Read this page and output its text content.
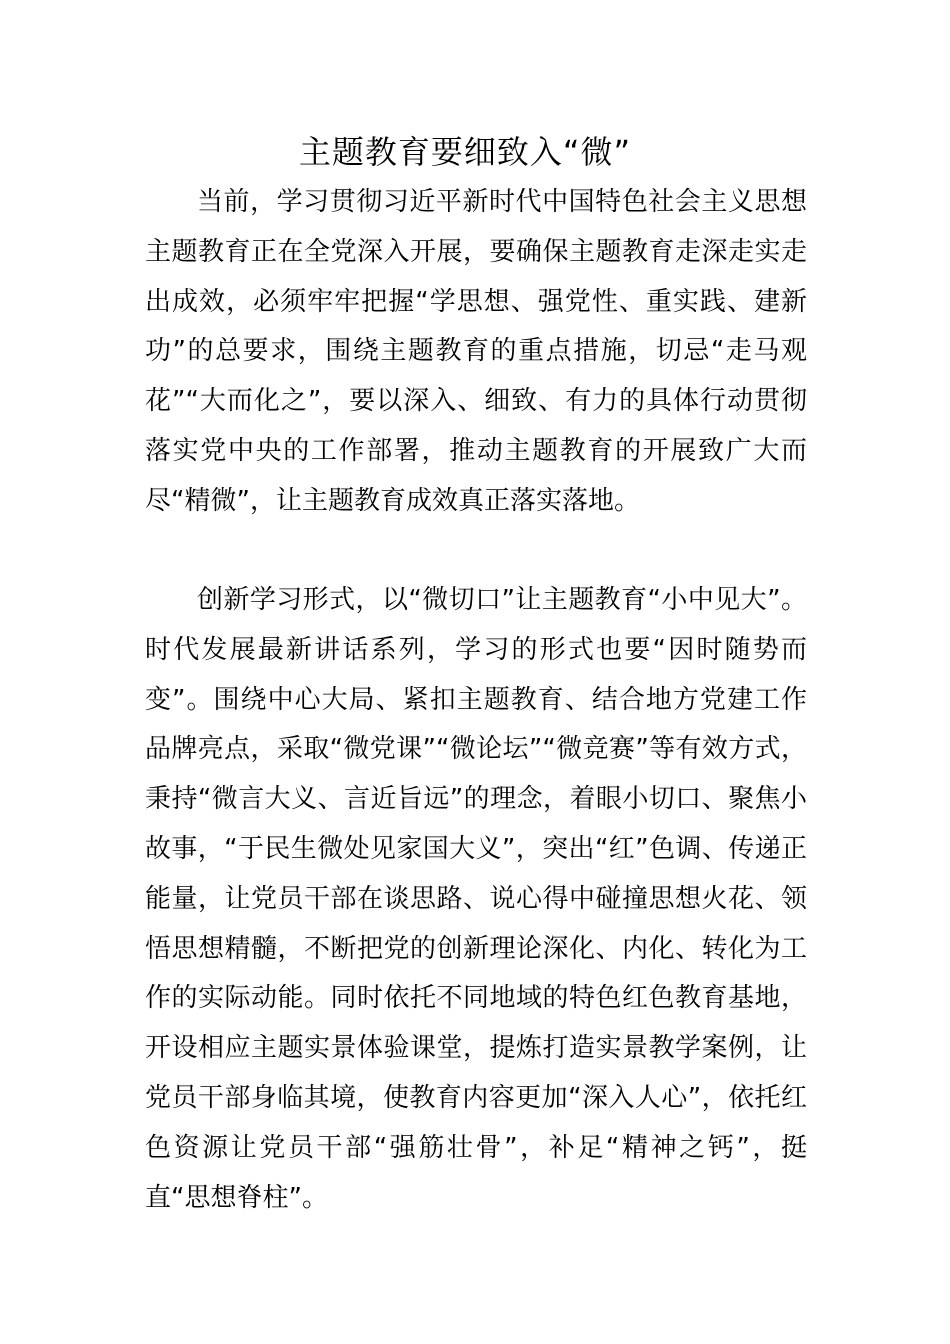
主题教育要细致入“微”

当前，学习贯彻习近平新时代中国特色社会主义思想主题教育正在全党深入开展，要确保主题教育走深走实走出成效，必须牢牢把握“学思想、强党性、重实践、建新功”的总要求，围绕主题教育的重点措施，切忌“走马观花”“大而化之”，要以深入、细致、有力的具体行动贯彻落实党中央的工作部署，推动主题教育的开展致广大而尽“精微”，让主题教育成效真正落实落地。

创新学习形式，以“微切口”让主题教育“小中见大”。时代发展最新讲话系列，学习的形式也要“因时随势而变”。围绕中心大局、紧扣主题教育、结合地方党建工作品牌亮点，采取“微党课”“微论坛”“微竞赛”等有效方式，秉持“微言大义、言近旨远”的理念，着眼小切口、聚焦小故事，“于民生微处见家国大义”，突出“红”色调、传递正能量，让党员干部在谈思路、说心得中碰撞思想火花、领悟思想精髓，不断把党的创新理论深化、内化、转化为工作的实际动能。同时依托不同地域的特色红色教育基地，开设相应主题实景体验课堂，提炼打造实景教学案例，让党员干部身临其境，使教育内容更加“深入人心”，依托红色资源让党员干部“强筋壮骨”，补足“精神之钙”，挺直“思想脊柱”。
